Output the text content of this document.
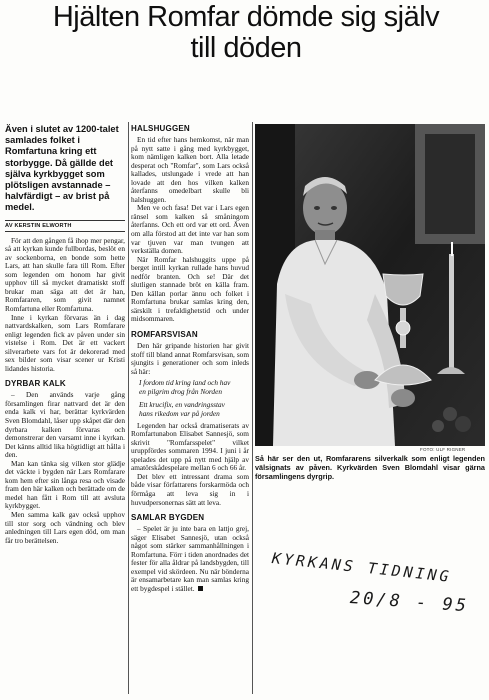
Hjälten Romfar dömde sig själv
till döden

Även i slutet av 1200-talet samlades folket i Romfartuna kring ett storbygge. Då gällde det själva kyrkbygget som plötsligen avstannade – halvfärdigt – av brist på medel.

AV KERSTIN ELWORTH

För att den gången få ihop mer pengar, så att kyrkan kunde fullbordas, beslöt en av sockenborna, en bonde som hette Lars, att han skulle fara till Rom. Efter som legenden om honom har givit upphov till så mycket dramatiskt stoff brukar man säga att det är han, Romfararen, som givit namnet Romfartuna eller Romfartuna.

Inne i kyrkan förvaras än i dag nattvardskalken, som Lars Romfarare enligt legenden fick av påven under sin vistelse i Rom. Det är ett vackert silverarbete vars fot är dekorerad med sex bilder som visar scener ur Kristi lidandes historia.

DYRBAR KALK

– Den används varje gång församlingen firar nattvard det är den enda kalk vi har, berättar kyrkvärden Sven Blomdahl, låser upp skåpet där den dyrbara kalken förvaras och demonstrerar den varsamt inne i kyrkan. Det känns alltid lika högtidligt att hålla i den.

Man kan tänka sig vilken stor glädje det väckte i bygden när Lars Romfarare kom hem efter sin långa resa och visade fram den här kalken och berättade om de medel han fått i Rom till att avsluta kyrkbygget.

Men samma kalk gav också upphov till stor sorg och vändning och blev anledningen till Lars egen död, om man får tro berättelsen.

HALSHUGGEN

En tid efter hans hemkomst, när man på nytt satte i gång med kyrkbygget, kom nämligen kalken bort. Alla letade desperat och "Romfar", som Lars också kallades, utslungade i vrede att han lovade att den hos vilken kalken återfanns omedelbart skulle bli halshuggen.

Men ve och fasa! Det var i Lars egen ränsel som kalken så småningom återfanns. Och ett ord var ett ord. Även om alla förstod att det inte var han som var tjuven var man tvungen att verkställa domen.

När Romfar halshuggits uppe på berget intill kyrkan rullade hans huvud nedför branten. Och se! Där det slutligen stannade bröt en källa fram. Den källan porlar ännu och folket i Romfartuna brukar samlas kring den, särskilt i trefaldighetstid och under midsommaren.

ROMFARSVISAN

Den här gripande historien har givit stoff till bland annat Romfarsvisan, som sjungits i generationer och som inleds så här:

I fordom tid kring land och hav
en pilgrim drog från Norden
Ett krucifix, en vandringsstav
hans rikedom var på jorden

Legenden har också dramatiserats av Romfartunabon Elisabet Sannesjö, som skrivit "Romfarsspelet" vilket uruppfördes sommaren 1994. I juni i år spelades det upp på nytt med hjälp av amatörskådespelare mellan 6 och 66 år.

Det blev ett intressant drama som både visar författarens forskarmöda och förmåga att leva sig in i huvudpersonernas sätt att leva.

SAMLAR BYGDEN

– Spelet är ju inte bara en lattjo grej, säger Elisabet Sannesjö, utan också något som stärker sammanhållningen i Romfartuna. Förr i tiden anordnades det fester för alla åldrar på landsbygden, till exempel vid skördeen. Nu när bönderna är ensamarbetare kan man samlas kring ett bygdespel i stället.

FOTO: ULF RIGNER
Så här ser den ut, Romfararens silverkalk som enligt legenden välsignats av påven. Kyrkvärden Sven Blomdahl visar gärna församlingens dyrgrip.
KYRKANS TIDNING
20/8 - 95
